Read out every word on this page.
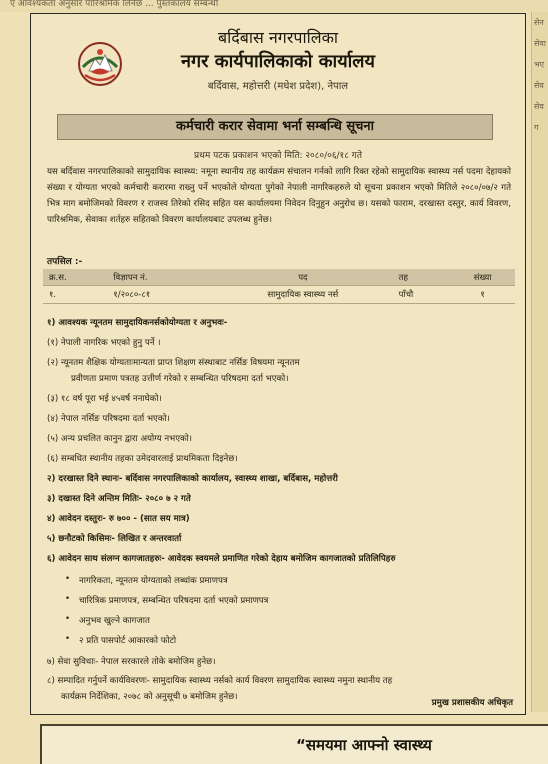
ए आवश्यकता अनुसार पारिश्रमिक लिनेछ ... पुस्तकालय सम्बन्धी
सेन
सेवा
भए
सेव
सेव
ग
बर्दिबास नगरपालिका
नगर कार्यपालिकाको कार्यालय
बर्दिवास, महोत्तरी (मधेश प्रदेश), नेपाल
कर्मचारी करार सेवामा भर्ना सम्बन्धि सूचना
प्रथम पटक प्रकाशन भएको मिति: २०८०/०६/१८ गते
यस बर्दिवास नगरपालिकाको सामुदायिक स्वास्थ्य: नमूना स्थानीय तह कार्यक्रम संचालन गर्नको लागि रिक्त रहेको सामुदायिक स्वास्थ्य नर्स पदमा देहायको संख्या र योग्यता भएको कर्मचारी करारमा राख्नु पर्ने भएकोले योग्यता पुगेको नेपाली नागरिकहरुले यो सूचना प्रकाशन भएको मितिले २०८०/०७/२ गते भित्र माग बमोजिमको विवरण र राजस्व तिरेको रसिद सहित यस कार्यालयमा निवेदन दिनुहुन अनुरोध छ। यसको फाराम, दरखास्त दस्तुर, कार्य विवरण, पारिश्रमिक, सेवाका शर्तहरु सहितको विवरण कार्यालयबाट उपलब्ध हुनेछ।
तपसिल :-
क्र.स.	विज्ञापन नं.	पद	तह	संख्या
१.	१/२०८०-८१	सामुदायिक स्वास्थ्य नर्स	पाँचौ	१
१) आवश्यक न्यूनतम सामुदायिकनर्सकोयोग्यता र अनुभवः-
(१) नेपाली नागरिक भएको हुनु पर्ने ।
(२) न्यूनतम शैक्षिक योग्यताःमान्यता प्राप्त शिक्षण संस्थाबाट नर्सिङ विषयमा न्यूनतम
प्रवीणता प्रमाण पत्रतह उत्तीर्ण गरेको र सम्बन्धित परिषदमा दर्ता भएको।
(३) १८ वर्ष पूरा भई ४५वर्ष ननाघेको।
(४) नेपाल नर्सिङ परिषदमा दर्ता भएको।
(५) अन्य प्रचलित कानुन द्वारा अयोग्य नभएको।
(६) सम्बधित स्थानीय तहका उमेदवारलाई प्राथमिकता दिइनेछ।
२) दरखास्त दिने स्थानः- बर्दिवास नगरपालिकाको कार्यालय, स्वास्थ्य शाखा, बर्दिबास, महोत्तरी
३) दखास्त दिने अन्तिम मितिः- २०८० ७ २ गते
४) आवेदन दस्तुरः- रु ७०० - (सात सय मात्र)
५) छनौटको किसिमः- लिखित र अन्तरवार्ता
६) आवेदन साथ संलग्न कागजातहरुः- आवेदक स्वयमले प्रमाणित गरेको देहाय बमोजिम कागजातको प्रतिलिपिहरु
• नागरिकता, न्यूनतम योग्यताको लब्धांक प्रमाणपत्र
• चारित्रिक प्रमाणपत्र, सम्बन्धित परिषदमा दर्ता भएको प्रमाणपत्र
• अनुभव खुल्ने कागजात
• २ प्रति पासपोर्ट आकारको फोटो
७) सेवा सुविधाः- नेपाल सरकारले तोके बमोजिम हुनेछ।
८) सम्पादित गर्नुपर्ने कार्यविवरणः- सामुदायिक स्वास्थ्य नर्सको कार्य विवरण सामुदायिक स्वास्थ्य नमुना स्थानीय तह
कार्यक्रम निर्देशिका, २०७८ को अनुसूची ७ बमोजिम हुनेछ।
प्रमुख प्रशासकीय अधिकृत
“समयमा आफ्नो स्वास्थ्य
